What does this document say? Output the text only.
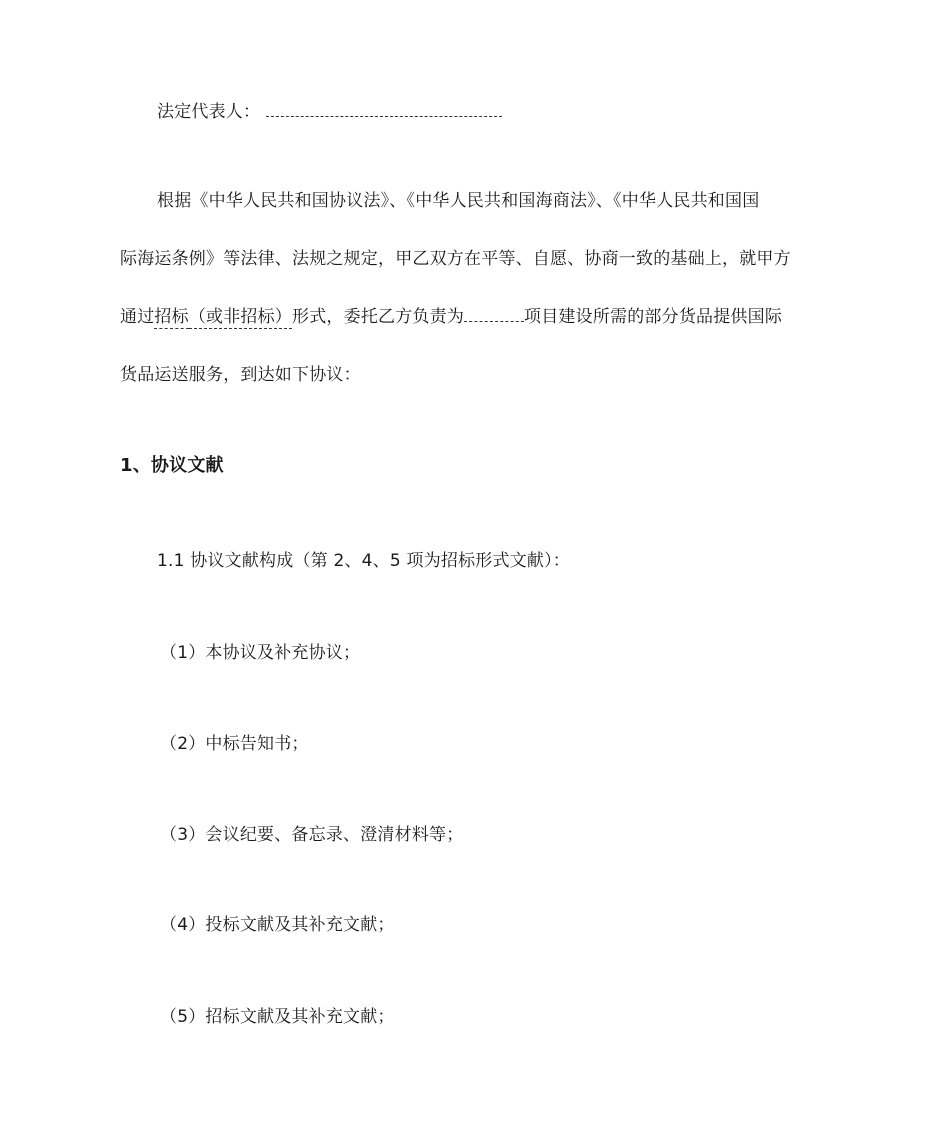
法定代表人：
根据《中华人民共和国协议法》、《中华人民共和国海商法》、《中华人民共和国国
际海运条例》等法律、法规之规定，甲乙双方在平等、自愿、协商一致的基础上，就甲方
通过招标（或非招标）形式，委托乙方负责为	项目建设所需的部分货品提供国际
货品运送服务，到达如下协议：
1、协议文献
1.1 协议文献构成（第 2、4、5 项为招标形式文献）：
（1）本协议及补充协议；
（2）中标告知书；
（3）会议纪要、备忘录、澄清材料等；
（4）投标文献及其补充文献；
（5）招标文献及其补充文献；
